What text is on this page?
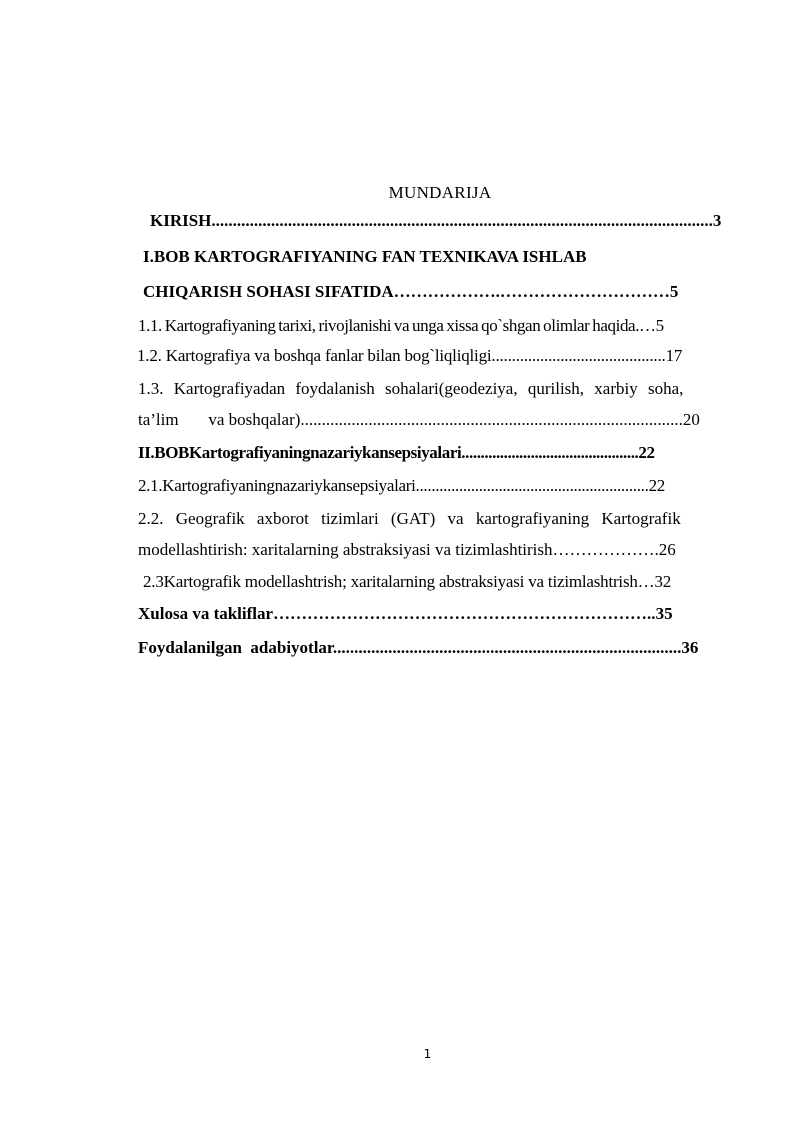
MUNDARIJA
KIRISH......................................................................................................................3
I.BOB KARTOGRAFIYANING FAN TEXNIKAVA ISHLAB
CHIQARISH SOHASI SIFATIDA……………….…………………………5
1.1. Kartografiyaning tarixi, rivojlanishi va unga xissa qo`shgan olimlar haqida.…5
1.2. Kartografiya va boshqa fanlar bilan bog`liqliqligi...........................................17
1.3. Kartografiyadan foydalanish sohalari(geodeziya, qurilish, xarbiy soha,
ta’lim       va boshqalar)..........................................................................................20
II.BOBKartografiyaningnazariykansepsiyalari..............................................22
2.1.Kartografiyaningnazariykansepsiyalari...........................................................22
2.2. Geografik axborot tizimlari (GAT) va kartografiyaning Kartografik
modellashtirish: xaritalarning abstraksiyasi va tizimlashtirish……………….26
2.3Kartografik modellashtrish; xaritalarning abstraksiyasi va tizimlashtrish…32
Xulosa va takliflar…………………………………………………………..35
Foydalanilgan  adabiyotlar..................................................................................36
1
